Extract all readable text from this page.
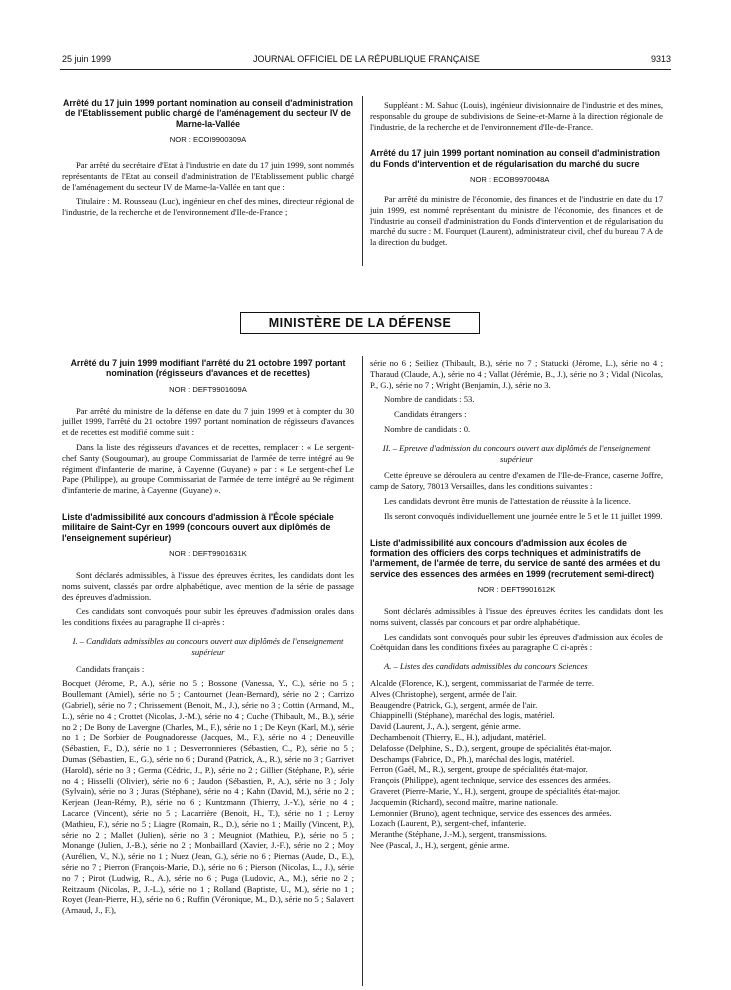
25 juin 1999	JOURNAL OFFICIEL DE LA RÉPUBLIQUE FRANÇAISE	9313
Arrêté du 17 juin 1999 portant nomination au conseil d'administration de l'Etablissement public chargé de l'aménagement du secteur IV de Marne-la-Vallée
NOR : ECOI9900309A

Par arrêté du secrétaire d'Etat à l'industrie en date du 17 juin 1999, sont nommés représentants de l'Etat au conseil d'administration de l'Etablissement public chargé de l'aménagement du secteur IV de Marne-la-Vallée en tant que :

Titulaire : M. Rousseau (Luc), ingénieur en chef des mines, directeur régional de l'industrie, de la recherche et de l'environnement d'Ile-de-France ;

Suppléant : M. Sahuc (Louis), ingénieur divisionnaire de l'industrie et des mines, responsable du groupe de subdivisions de Seine-et-Marne à la direction régionale de l'industrie, de la recherche et de l'environnement d'Ile-de-France.

Arrêté du 17 juin 1999 portant nomination au conseil d'administration du Fonds d'intervention et de régularisation du marché du sucre
NOR : ECOB9970048A

Par arrêté du ministre de l'économie, des finances et de l'industrie en date du 17 juin 1999, est nommé représentant du ministre de l'économie, des finances et de l'industrie au conseil d'administration du Fonds d'intervention et de régularisation du marché du sucre : M. Fourquet (Laurent), administrateur civil, chef du bureau 7 A de la direction du budget.

MINISTÈRE DE LA DÉFENSE
Arrêté du 7 juin 1999 modifiant l'arrêté du 21 octobre 1997 portant nomination (régisseurs d'avances et de recettes)
NOR : DEFT9901609A

Par arrêté du ministre de la défense en date du 7 juin 1999 et à compter du 30 juillet 1999, l'arrêté du 21 octobre 1997 portant nomination de régisseurs d'avances et de recettes est modifié comme suit :

Dans la liste des régisseurs d'avances et de recettes, remplacer : « Le sergent-chef Santy (Sougoumar), au groupe Commissariat de l'armée de terre intégré au 9e régiment d'infanterie de marine, à Cayenne (Guyane) » par : « Le sergent-chef Le Pape (Philippe), au groupe Commissariat de l'armée de terre intégré au 9e régiment d'infanterie de marine, à Cayenne (Guyane) ».

Liste d'admissibilité aux concours d'admission à l'École spéciale militaire de Saint-Cyr en 1999 (concours ouvert aux diplômés de l'enseignement supérieur)
NOR : DEFT9901631K

Sont déclarés admissibles, à l'issue des épreuves écrites, les candidats dont les noms suivent, classés par ordre alphabétique, avec mention de la série de passage des épreuves d'admission.

Ces candidats sont convoqués pour subir les épreuves d'admission orales dans les conditions fixées au paragraphe II ci-après :

I. – Candidats admissibles au concours ouvert aux diplômés de l'enseignement supérieur

Candidats français :

Bocquet (Jérome, P., A.), série no 5 ; Bossone (Vanessa, Y., C.), série no 5 ; Boullemant (Amiel), série no 5 ; Cantournet (Jean-Bernard), série no 2 ; Carrizo (Gabriel), série no 7 ; Chrissement (Benoit, M., J.), série no 3 ; Cottin (Armand, M., L.), série no 4 ; Crottet (Nicolas, J.-M.), série no 4 ; Cuche (Thibault, M., B.), série no 2 ; De Bony de Lavergne (Charles, M., F.), série no 1 ; De Keyn (Karl, M.), série no 1 ; De Sorbier de Pougnadoresse (Jacques, M., F.), série no 4 ; Deneuville (Sébastien, F., D.), série no 1 ; Desverronnieres (Sébastien, C., P.), série no 5 ; Dumas (Sébastien, E., G.), série no 6 ; Durand (Patrick, A., R.), série no 3 ; Garrivet (Harold), série no 3 ; Germa (Cédric, J., P.), série no 2 ; Gillier (Stéphane, P.), série no 4 ; Hisselli (Olivier), série no 6 ; Jaudon (Sébastien, P., A.), série no 3 ; Joly (Sylvain), série no 3 ; Juras (Stéphane), série no 4 ; Kahn (David, M.), série no 2 ; Kerjean (Jean-Rémy, P.), série no 6 ; Kuntzmann (Thierry, J.-Y.), série no 4 ; Lacarce (Vincent), série no 5 ; Lacarrière (Benoit, H., T.), série no 1 ; Leroy (Mathieu, F.), série no 5 ; Liagre (Romain, R., D.), série no 1 ; Mailly (Vincent, P.), série no 2 ; Mallet (Julien), série no 3 ; Meugniot (Mathieu, P.), série no 5 ; Monange (Julien, J.-B.), série no 2 ; Monbaillard (Xavier, J.-F.), série no 2 ; Moy (Aurélien, V., N.), série no 1 ; Nuez (Jean, G.), série no 6 ; Piernas (Aude, D., E.), série no 7 ; Pierron (François-Marie, D.), série no 6 ; Pierson (Nicolas, L., J.), série no 7 ; Pirot (Ludwig, R., A.), série no 6 ; Puga (Ludovic, A., M.), série no 2 ; Reitzaum (Nicolas, P., J.-L.), série no 1 ; Rolland (Baptiste, U., M.), série no 1 ; Royet (Jean-Pierre, H.), série no 6 ; Ruffin (Véronique, M., D.), série no 5 ; Salavert (Arnaud, J., F.),

série no 6 ; Seiliez (Thibault, B.), série no 7 ; Statucki (Jérome, L.), série no 4 ; Tharaud (Claude, A.), série no 4 ; Vallat (Jérémie, B., J.), série no 3 ; Vidal (Nicolas, P., G.), série no 7 ; Wright (Benjamin, J.), série no 3.

Nombre de candidats : 53.

Candidats étrangers :

Nombre de candidats : 0.

II. – Epreuve d'admission du concours ouvert aux diplômés de l'enseignement supérieur

Cette épreuve se déroulera au centre d'examen de l'Ile-de-France, caserne Joffre, camp de Satory, 78013 Versailles, dans les conditions suivantes :

Les candidats devront être munis de l'attestation de réussite à la licence.

Ils seront convoqués individuellement une journée entre le 5 et le 11 juillet 1999.

Liste d'admissibilité aux concours d'admission aux écoles de formation des officiers des corps techniques et administratifs de l'armement, de l'armée de terre, du service de santé des armées et du service des essences des armées en 1999 (recrutement semi-direct)
NOR : DEFT9901612K

Sont déclarés admissibles à l'issue des épreuves écrites les candidats dont les noms suivent, classés par concours et par ordre alphabétique.

Les candidats sont convoqués pour subir les épreuves d'admission aux écoles de Coëtquidan dans les conditions fixées au paragraphe C ci-après :

A. – Listes des candidats admissibles du concours Sciences

Alcalde (Florence, K.), sergent, commissariat de l'armée de terre.

Alves (Christophe), sergent, armée de l'air.

Beaugendre (Patrick, G.), sergent, armée de l'air.

Chiappinelli (Stéphane), maréchal des logis, matériel.

David (Laurent, J., A.), sergent, génie arme.

Dechambenoit (Thierry, E., H.), adjudant, matériel.

Delafosse (Delphine, S., D.), sergent, groupe de spécialités état-major.

Deschamps (Fabrice, D., Ph.), maréchal des logis, matériel.

Ferron (Gaël, M., R.), sergent, groupe de spécialités état-major.

François (Philippe), agent technique, service des essences des armées.

Graveret (Pierre-Marie, Y., H.), sergent, groupe de spécialités état-major.

Jacquemin (Richard), second maître, marine nationale.

Lemonnier (Bruno), agent technique, service des essences des armées.

Lozach (Laurent, P.), sergent-chef, infanterie.

Meranthe (Stéphane, J.-M.), sergent, transmissions.

Nee (Pascal, J., H.), sergent, génie arme.
